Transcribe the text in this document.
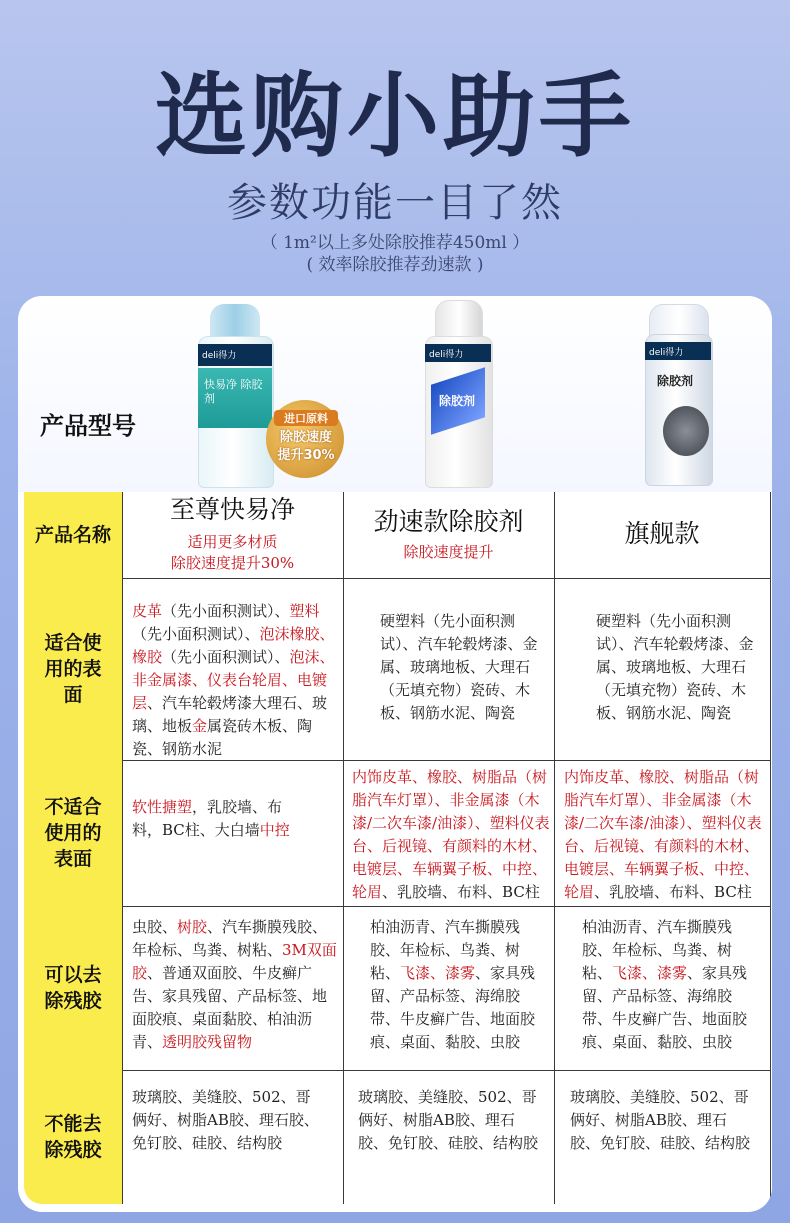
选购小助手
参数功能一目了然
（ 1m²以上多处除胶推荐450ml ）
( 效率除胶推荐劲速款 )
产品型号
deli得力
快易净 除胶剂
进口原料
除胶速度
提升30%
deli得力
除胶剂
deli得力
除胶剂
产品名称
适合使用的表面
不适合使用的表面
可以去除残胶
不能去除残胶
至尊快易净
适用更多材质
除胶速度提升30%
劲速款除胶剂
除胶速度提升
旗舰款
皮革（先小面积测试）、塑料（先小面积测试）、泡沫橡胶、橡胶（先小面积测试）、泡沫、非金属漆、仪表台轮眉、电镀层、汽车轮毂烤漆大理石、玻璃、地板金属瓷砖木板、陶瓷、钢筋水泥
硬塑料（先小面积测试）、汽车轮毂烤漆、金属、玻璃地板、大理石（无填充物）瓷砖、木板、钢筋水泥、陶瓷
硬塑料（先小面积测试）、汽车轮毂烤漆、金属、玻璃地板、大理石（无填充物）瓷砖、木板、钢筋水泥、陶瓷
软性搪塑，乳胶墙、布料，BC柱、大白墙中控
内饰皮革、橡胶、树脂品（树脂汽车灯罩）、非金属漆（木漆/二次车漆/油漆）、塑料仪表台、后视镜、有颜料的木材、电镀层、车辆翼子板、中控、轮眉、乳胶墙、布料、BC柱
内饰皮革、橡胶、树脂品（树脂汽车灯罩）、非金属漆（木漆/二次车漆/油漆）、塑料仪表台、后视镜、有颜料的木材、电镀层、车辆翼子板、中控、轮眉、乳胶墙、布料、BC柱
虫胶、树胶、汽车撕膜残胶、年检标、鸟粪、树粘、3M双面胶、普通双面胶、牛皮癣广告、家具残留、产品标签、地面胶痕、桌面黏胶、柏油沥青、透明胶残留物
柏油沥青、汽车撕膜残胶、年检标、鸟粪、树粘、飞漆、漆雾、家具残留、产品标签、海绵胶带、牛皮癣广告、地面胶痕、桌面、黏胶、虫胶
柏油沥青、汽车撕膜残胶、年检标、鸟粪、树粘、飞漆、漆雾、家具残留、产品标签、海绵胶带、牛皮癣广告、地面胶痕、桌面、黏胶、虫胶
玻璃胶、美缝胶、502、哥俩好、树脂AB胶、理石胶、免钉胶、硅胶、结构胶
玻璃胶、美缝胶、502、哥俩好、树脂AB胶、理石胶、免钉胶、硅胶、结构胶
玻璃胶、美缝胶、502、哥俩好、树脂AB胶、理石胶、免钉胶、硅胶、结构胶
